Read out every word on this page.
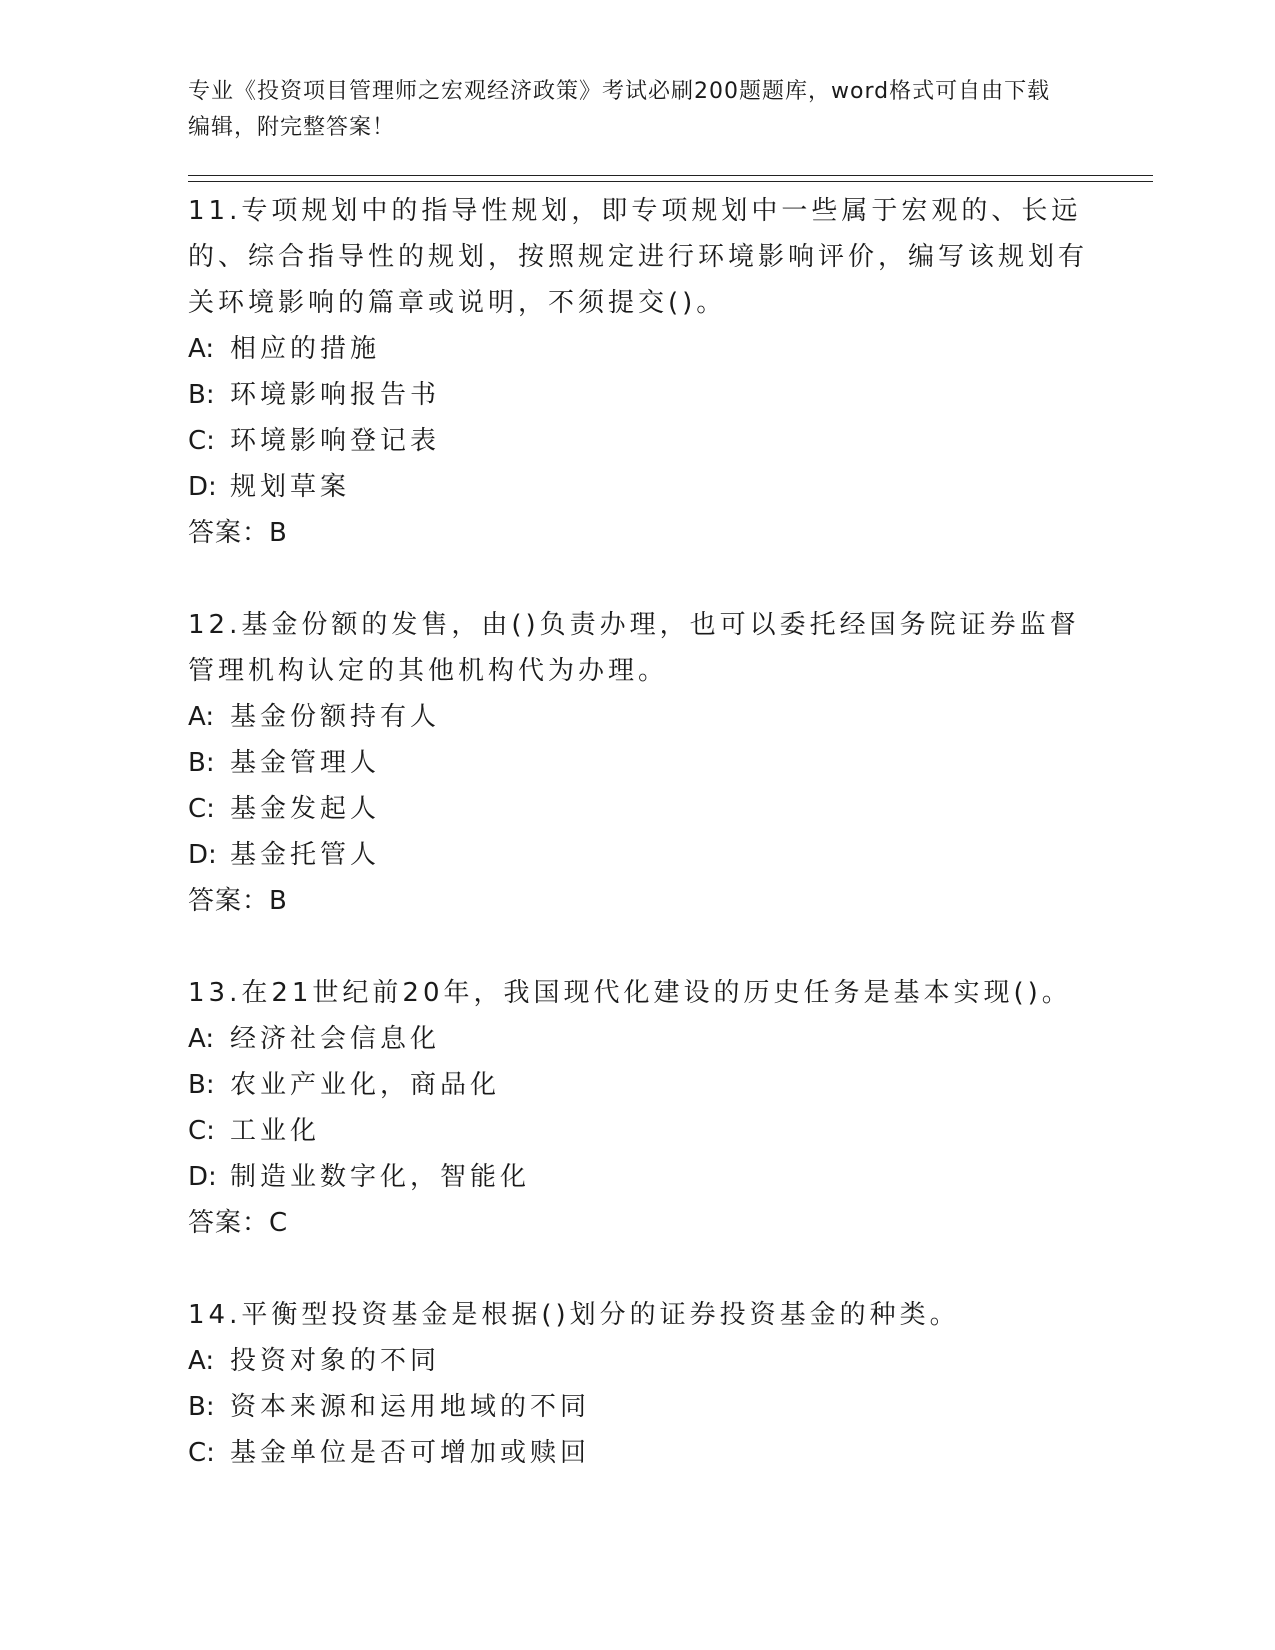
专业《投资项目管理师之宏观经济政策》考试必刷200题题库，word格式可自由下载编辑，附完整答案！

11.专项规划中的指导性规划，即专项规划中一些属于宏观的、长远的、综合指导性的规划，按照规定进行环境影响评价，编写该规划有关环境影响的篇章或说明，不须提交()。

A: 相应的措施

B: 环境影响报告书

C: 环境影响登记表

D: 规划草案

答案：B

12.基金份额的发售，由()负责办理，也可以委托经国务院证券监督管理机构认定的其他机构代为办理。

A: 基金份额持有人

B: 基金管理人

C: 基金发起人

D: 基金托管人

答案：B

13.在21世纪前20年，我国现代化建设的历史任务是基本实现()。

A: 经济社会信息化

B: 农业产业化，商品化

C: 工业化

D: 制造业数字化，智能化

答案：C

14.平衡型投资基金是根据()划分的证券投资基金的种类。

A: 投资对象的不同

B: 资本来源和运用地域的不同

C: 基金单位是否可增加或赎回
